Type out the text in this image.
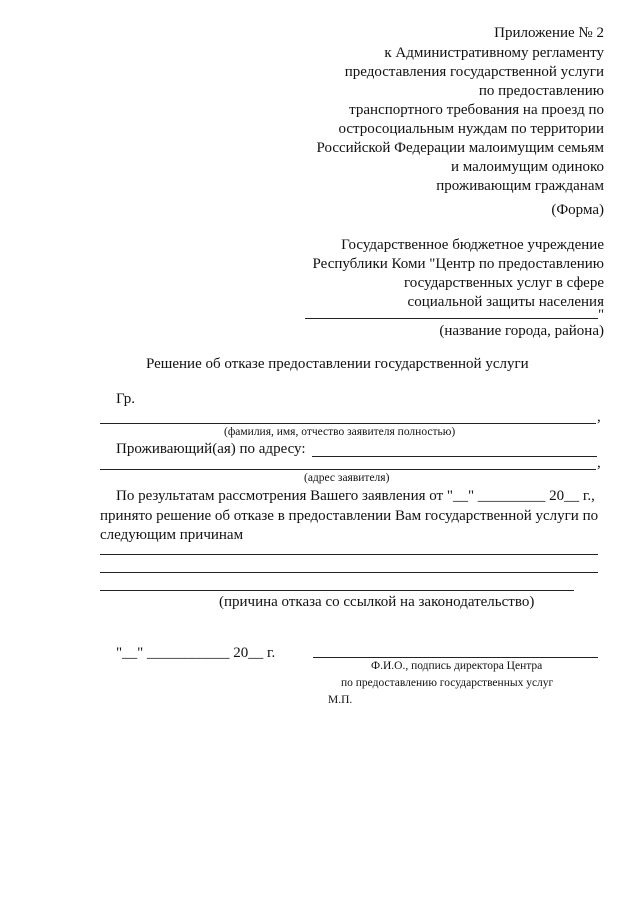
Приложение № 2
к Административному регламенту
предоставления государственной услуги
по предоставлению
транспортного требования на проезд по
остросоциальным нуждам по территории
Российской Федерации малоимущим семьям
и малоимущим одиноко
проживающим гражданам
(Форма)
Государственное бюджетное учреждение
Республики Коми "Центр по предоставлению
государственных услуг в сфере
социальной защиты населения
"
(название города, района)
Решение об отказе предоставлении государственной услуги
Гр.
,
(фамилия, имя, отчество заявителя полностью)
Проживающий(ая) по адресу:
,
(адрес заявителя)
По результатам рассмотрения Вашего заявления от "__" _________ 20__ г.,
принято решение об отказе в предоставлении Вам государственной услуги по
следующим причинам
(причина отказа со ссылкой на законодательство)
"__" ___________ 20__ г.
Ф.И.О., подпись директора Центра
по предоставлению государственных услуг
М.П.
